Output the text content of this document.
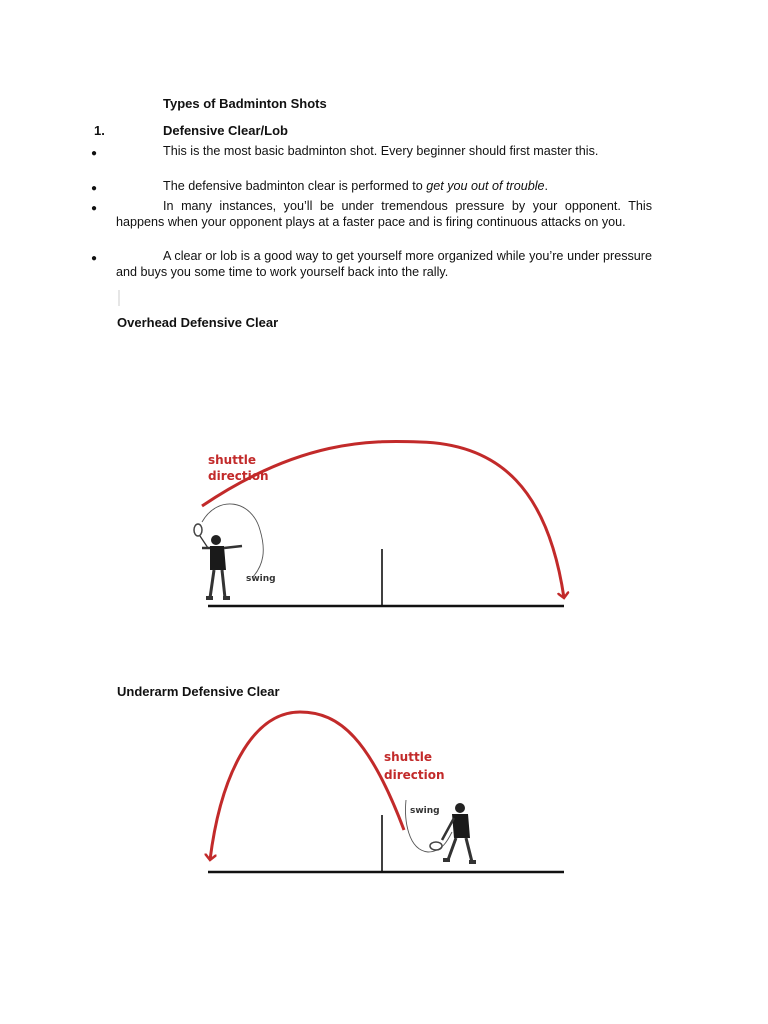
Types of Badminton Shots
1.	Defensive Clear/Lob
●	This is the most basic badminton shot. Every beginner should first master this.
●	The defensive badminton clear is performed to get you out of trouble.
●	In many instances, you’ll be under tremendous pressure by your opponent. This happens when your opponent plays at a faster pace and is firing continuous attacks on you.
●	A clear or lob is a good way to get yourself more organized while you’re under pressure and buys you some time to work yourself back into the rally.
Overhead Defensive Clear
shuttle
direction
swing
Underarm Defensive Clear
shuttle
direction
swing
